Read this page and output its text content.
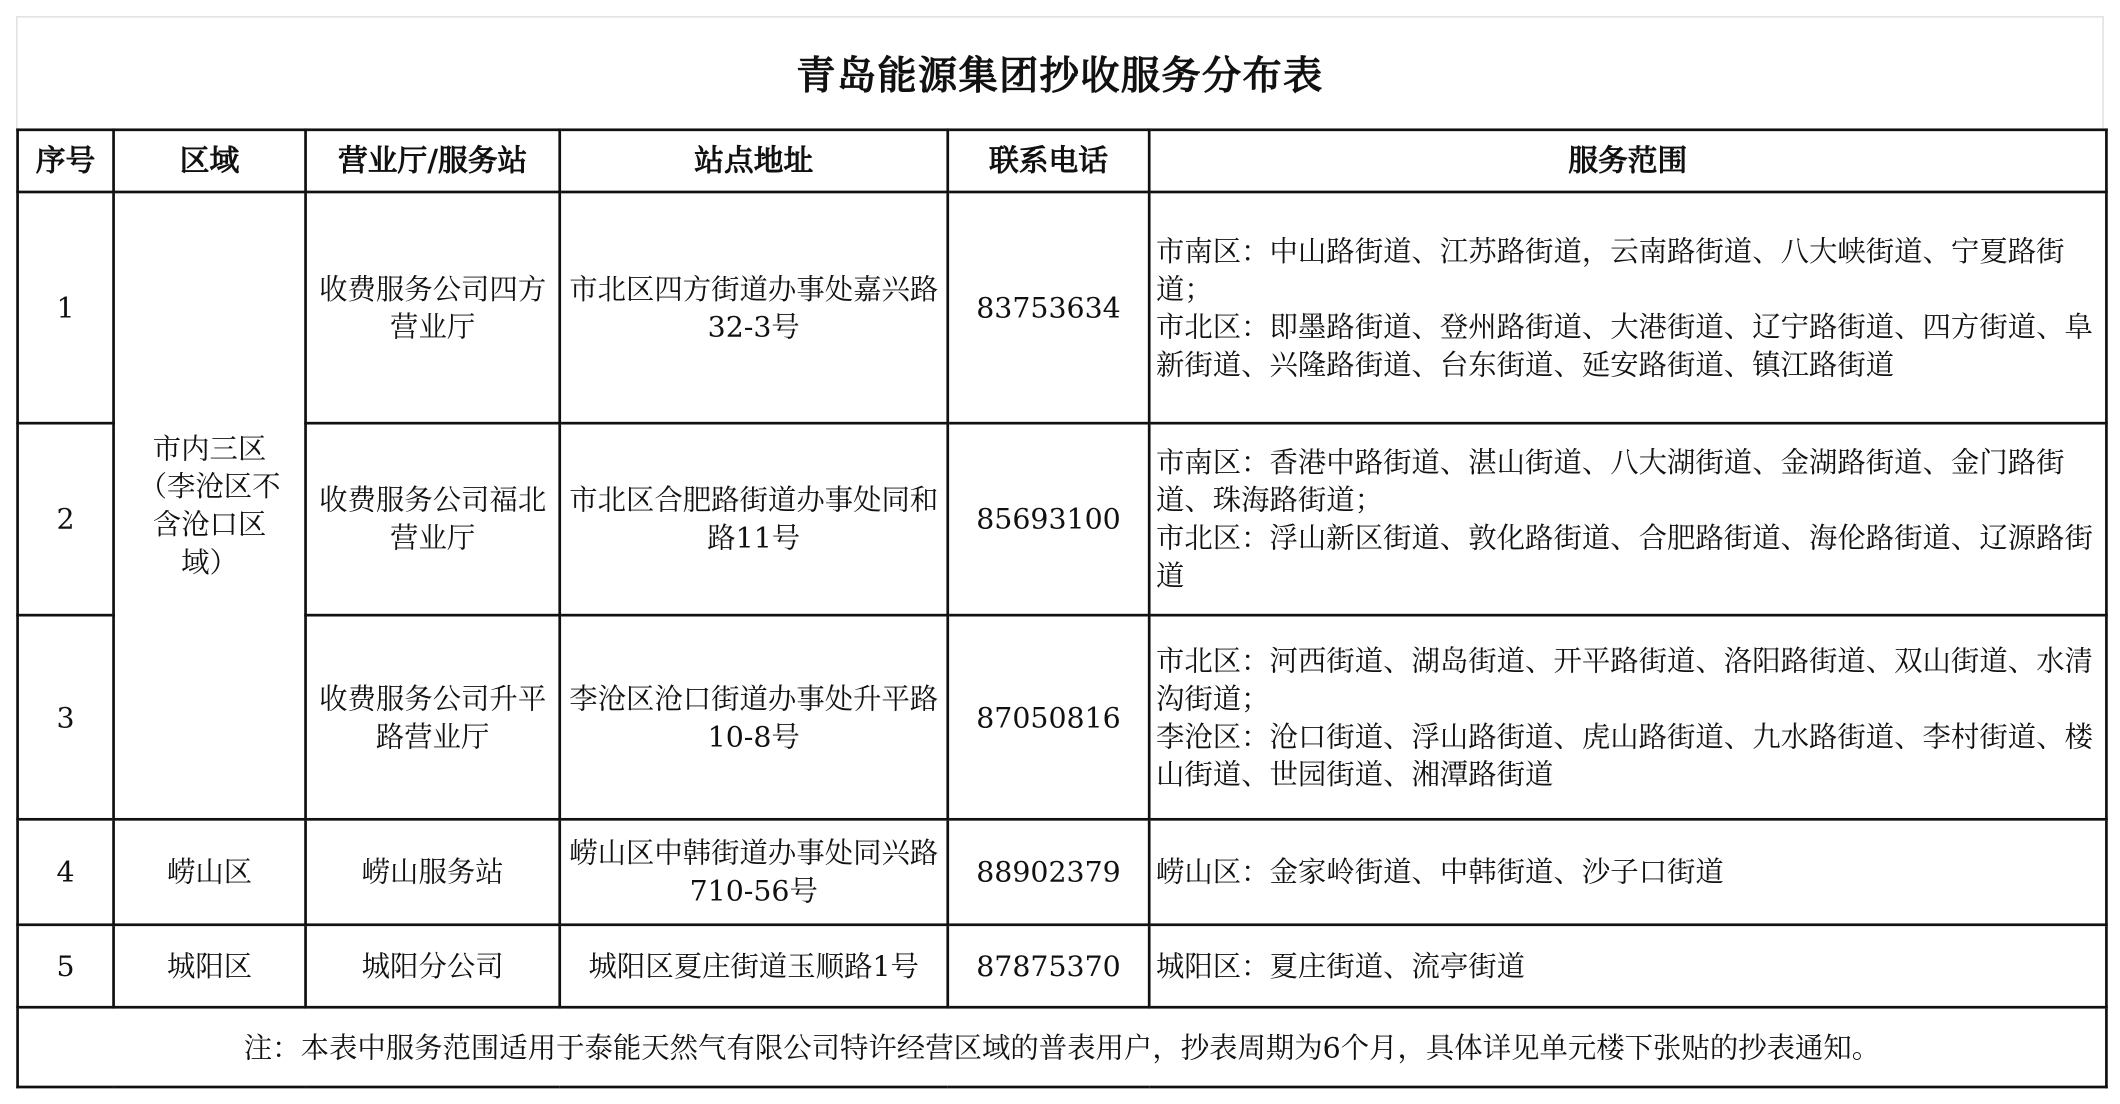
青岛能源集团抄收服务分布表
序号	区域	营业厅/服务站	站点地址	联系电话	服务范围
1	市内三区（李沧区不含沧口区域）	收费服务公司四方营业厅	市北区四方街道办事处嘉兴路32-3号	83753634	市南区：中山路街道、江苏路街道，云南路街道、八大峡街道、宁夏路街道；
市北区：即墨路街道、登州路街道、大港街道、辽宁路街道、四方街道、阜新街道、兴隆路街道、台东街道、延安路街道、镇江路街道

2		收费服务公司福北营业厅	市北区合肥路街道办事处同和路11号	85693100	市南区：香港中路街道、湛山街道、八大湖街道、金湖路街道、金门路街道、珠海路街道；
市北区：浮山新区街道、敦化路街道、合肥路街道、海伦路街道、辽源路街道

3		收费服务公司升平路营业厅	李沧区沧口街道办事处升平路10-8号	87050816	市北区：河西街道、湖岛街道、开平路街道、洛阳路街道、双山街道、水清沟街道；
李沧区：沧口街道、浮山路街道、虎山路街道、九水路街道、李村街道、楼山街道、世园街道、湘潭路街道

4	崂山区	崂山服务站	崂山区中韩街道办事处同兴路710-56号	88902379	崂山区：金家岭街道、中韩街道、沙子口街道

5	城阳区	城阳分公司	城阳区夏庄街道玉顺路1号	87875370	城阳区：夏庄街道、流亭街道

注：本表中服务范围适用于泰能天然气有限公司特许经营区域的普表用户，抄表周期为6个月，具体详见单元楼下张贴的抄表通知。					
